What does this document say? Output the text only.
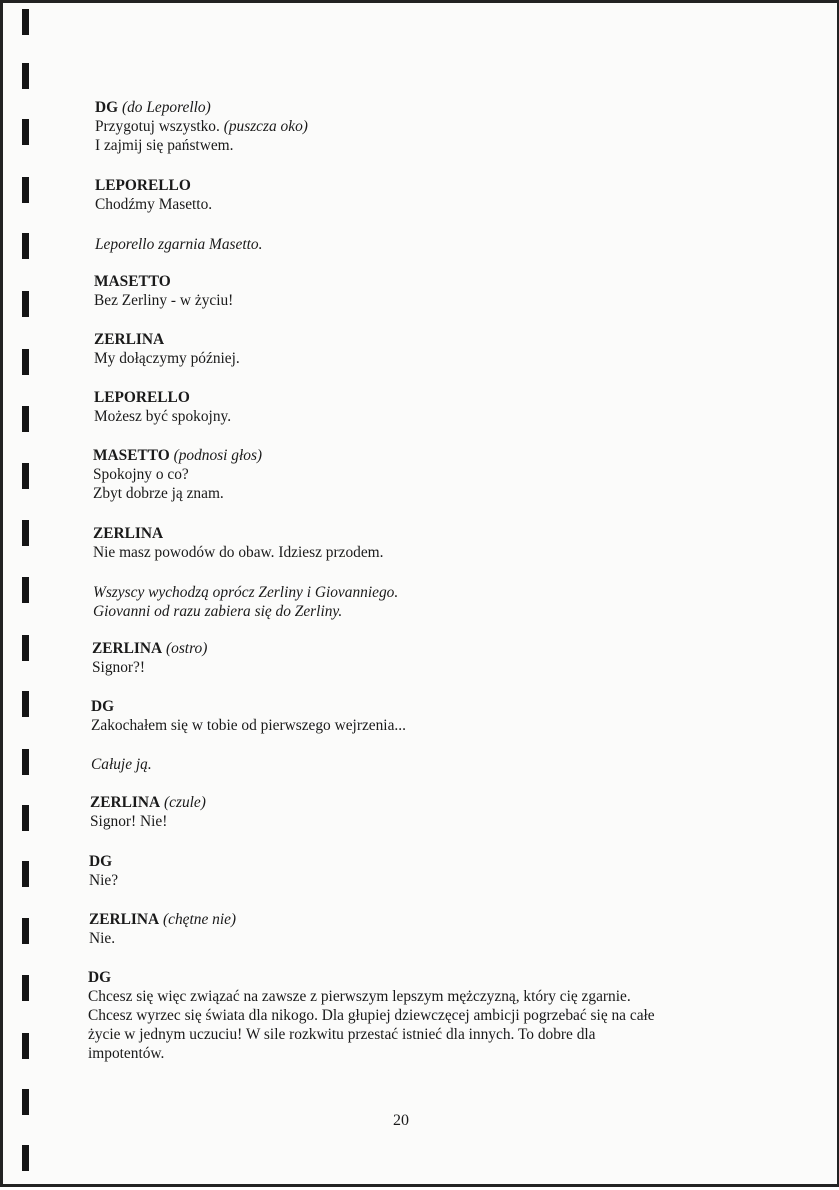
DG (do Leporello)
Przygotuj wszystko. (puszcza oko)
I zajmij się państwem.
LEPORELLO
Chodźmy Masetto.
Leporello zgarnia Masetto.
MASETTO
Bez Zerliny - w życiu!
ZERLINA
My dołączymy później.
LEPORELLO
Możesz być spokojny.
MASETTO (podnosi głos)
Spokojny o co?
Zbyt dobrze ją znam.
ZERLINA
Nie masz powodów do obaw. Idziesz przodem.
Wszyscy wychodzą oprócz Zerliny i Giovanniego.
Giovanni od razu zabiera się do Zerliny.
ZERLINA (ostro)
Signor?!
DG
Zakochałem się w tobie od pierwszego wejrzenia...
Całuje ją.
ZERLINA (czule)
Signor! Nie!
DG
Nie?
ZERLINA (chętne nie)
Nie.
DG
Chcesz się więc związać na zawsze z pierwszym lepszym mężczyzną, który cię zgarnie.
Chcesz wyrzec się świata dla nikogo. Dla głupiej dziewczęcej ambicji pogrzebać się na całe
życie w jednym uczuciu! W sile rozkwitu przestać istnieć dla innych. To dobre dla
impotentów.
20
